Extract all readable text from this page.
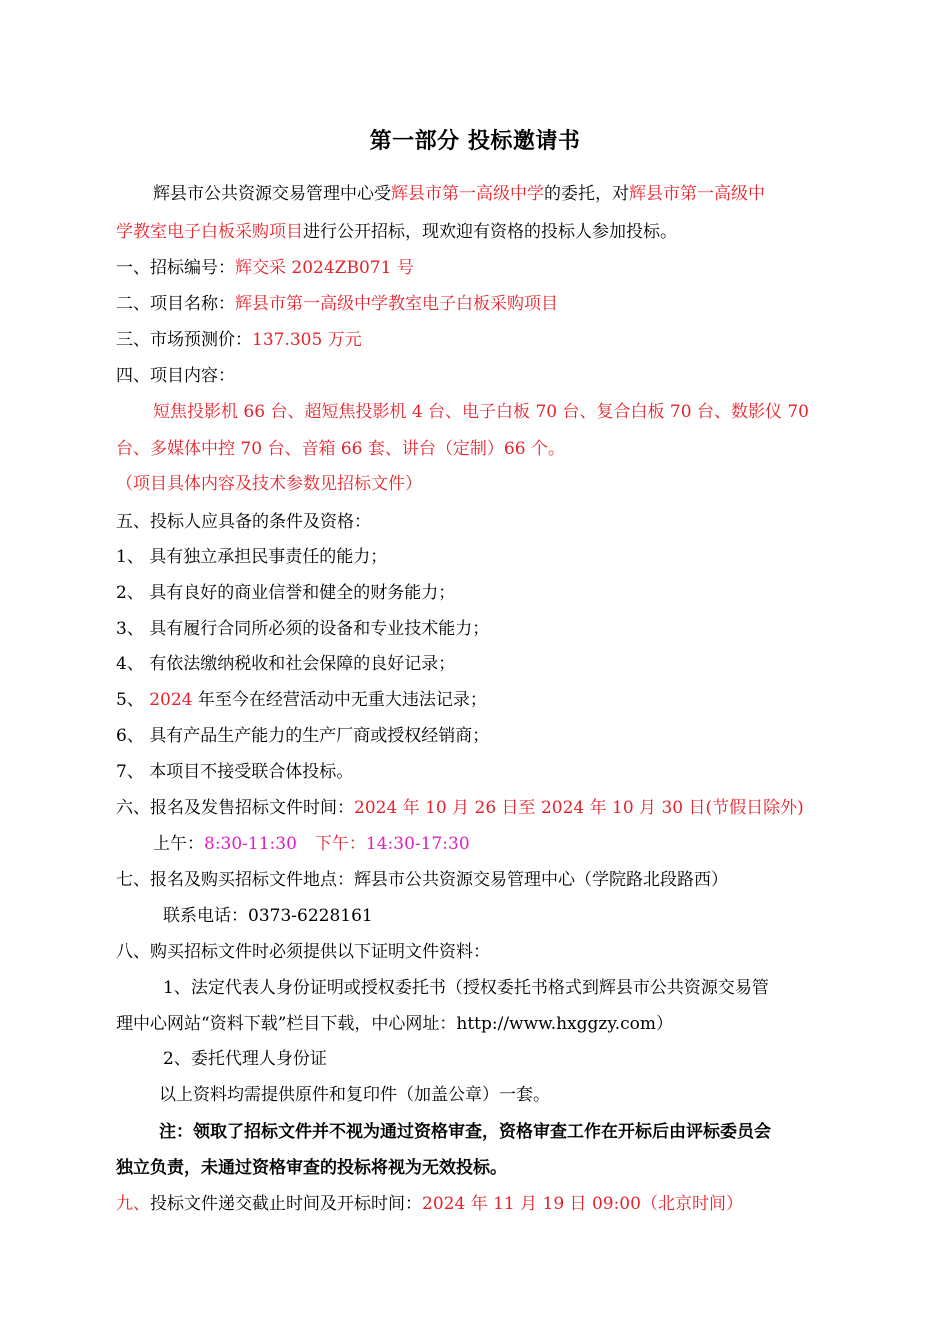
第一部分 投标邀请书
辉县市公共资源交易管理中心受辉县市第一高级中学的委托，对辉县市第一高级中
学教室电子白板采购项目进行公开招标，现欢迎有资格的投标人参加投标。
一、招标编号：辉交采 2024ZB071 号
二、项目名称：辉县市第一高级中学教室电子白板采购项目
三、市场预测价：137.305 万元
四、项目内容：
短焦投影机 66 台、超短焦投影机 4 台、电子白板 70 台、复合白板 70 台、数影仪 70
台、多媒体中控 70 台、音箱 66 套、讲台（定制）66 个。
（项目具体内容及技术参数见招标文件）
五、投标人应具备的条件及资格：
1、 具有独立承担民事责任的能力；
2、 具有良好的商业信誉和健全的财务能力；
3、 具有履行合同所必须的设备和专业技术能力；
4、 有依法缴纳税收和社会保障的良好记录；
5、 2024 年至今在经营活动中无重大违法记录；
6、 具有产品生产能力的生产厂商或授权经销商；
7、 本项目不接受联合体投标。
六、报名及发售招标文件时间：2024 年 10 月 26 日至 2024 年 10 月 30 日(节假日除外)
上午：8:30-11:30 下午：14:30-17:30
七、报名及购买招标文件地点：辉县市公共资源交易管理中心（学院路北段路西）
联系电话：0373-6228161
八、购买招标文件时必须提供以下证明文件资料：
1、法定代表人身份证明或授权委托书（授权委托书格式到辉县市公共资源交易管
理中心网站“资料下载”栏目下载，中心网址：http://www.hxggzy.com）
2、委托代理人身份证
以上资料均需提供原件和复印件（加盖公章）一套。
注：领取了招标文件并不视为通过资格审查，资格审查工作在开标后由评标委员会
独立负责，未通过资格审查的投标将视为无效投标。
九、投标文件递交截止时间及开标时间：2024 年 11 月 19 日 09:00（北京时间）
